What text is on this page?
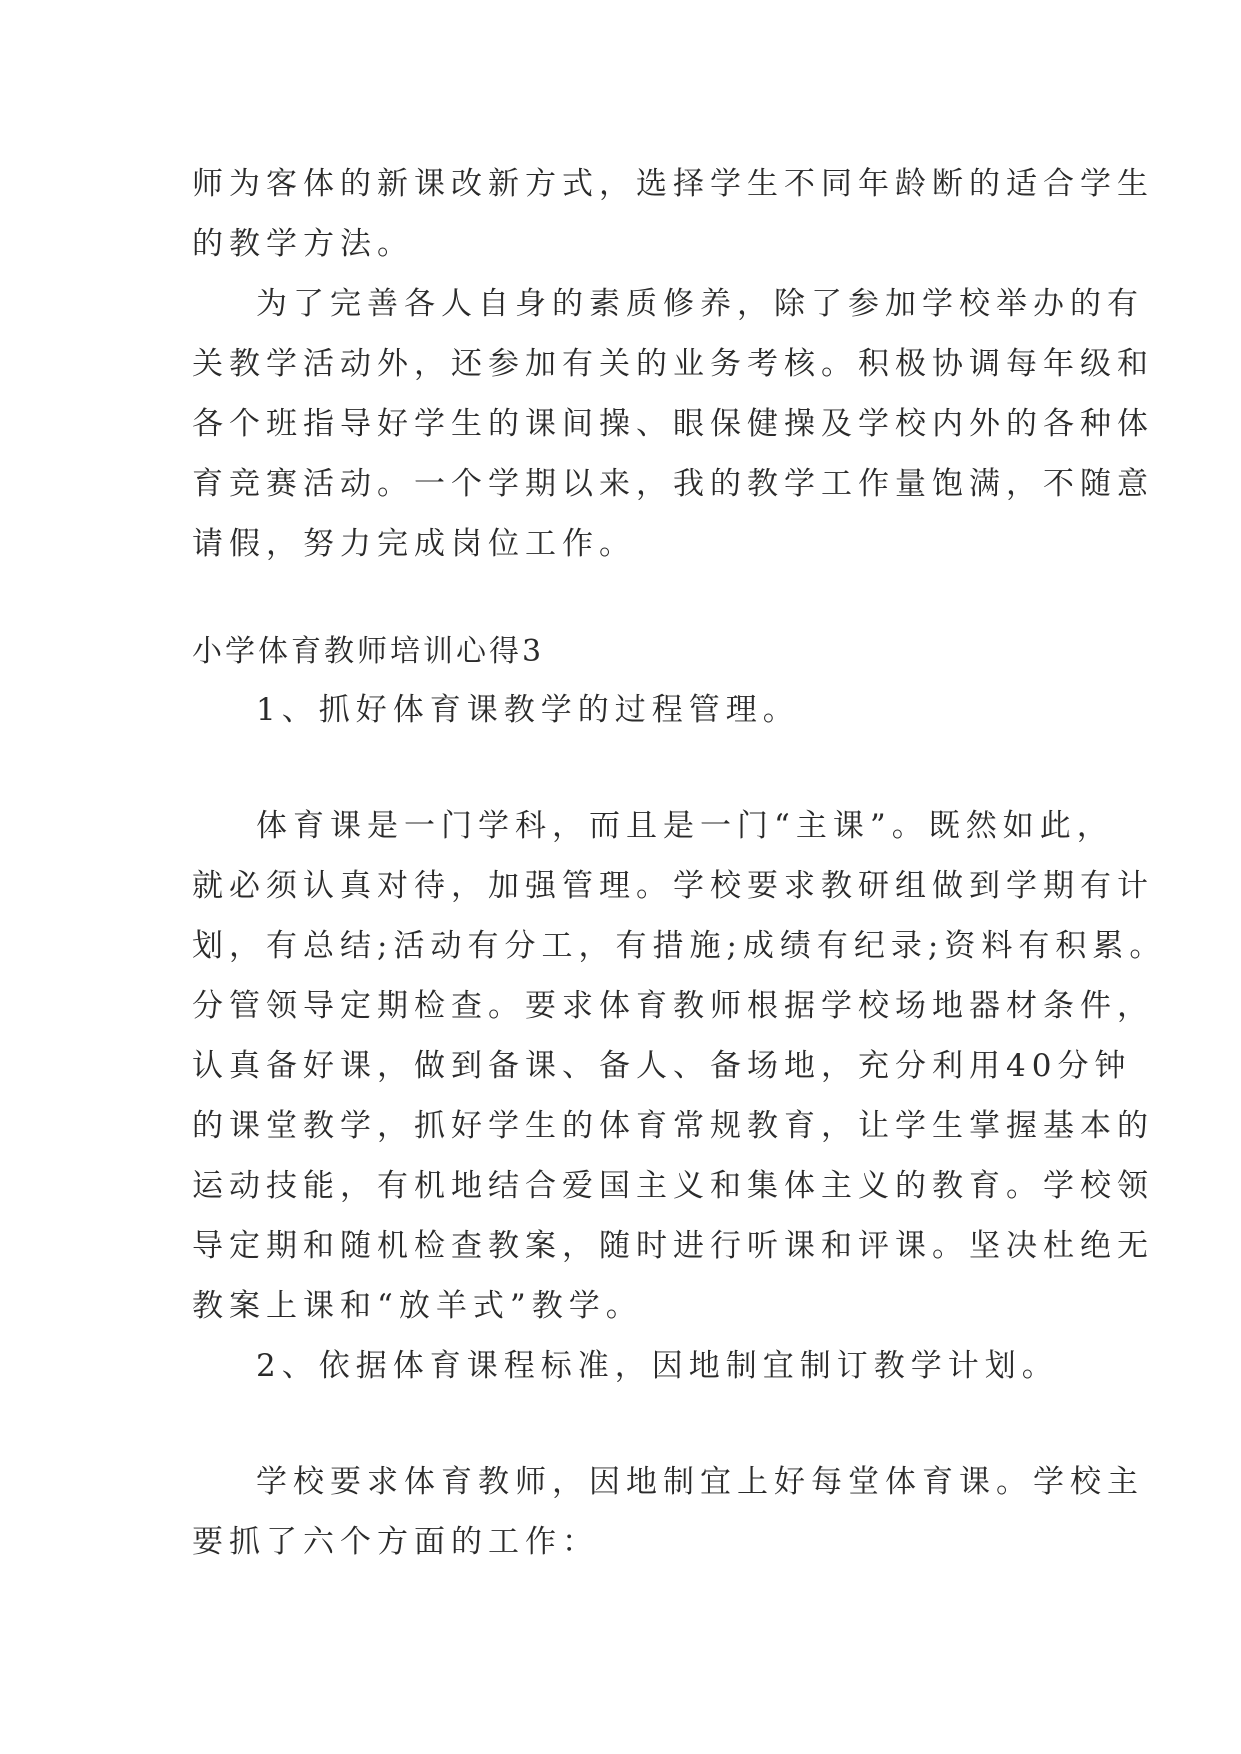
师为客体的新课改新方式，选择学生不同年龄断的适合学生
的教学方法。
为了完善各人自身的素质修养，除了参加学校举办的有
关教学活动外，还参加有关的业务考核。积极协调每年级和
各个班指导好学生的课间操、眼保健操及学校内外的各种体
育竞赛活动。一个学期以来，我的教学工作量饱满，不随意
请假，努力完成岗位工作。
小学体育教师培训心得3
1、抓好体育课教学的过程管理。
体育课是一门学科，而且是一门“主课”。既然如此，
就必须认真对待，加强管理。学校要求教研组做到学期有计
划，有总结;活动有分工，有措施;成绩有纪录;资料有积累。
分管领导定期检查。要求体育教师根据学校场地器材条件，
认真备好课，做到备课、备人、备场地，充分利用40分钟
的课堂教学，抓好学生的体育常规教育，让学生掌握基本的
运动技能，有机地结合爱国主义和集体主义的教育。学校领
导定期和随机检查教案，随时进行听课和评课。坚决杜绝无
教案上课和“放羊式”教学。
2、依据体育课程标准，因地制宜制订教学计划。
学校要求体育教师，因地制宜上好每堂体育课。学校主
要抓了六个方面的工作：
